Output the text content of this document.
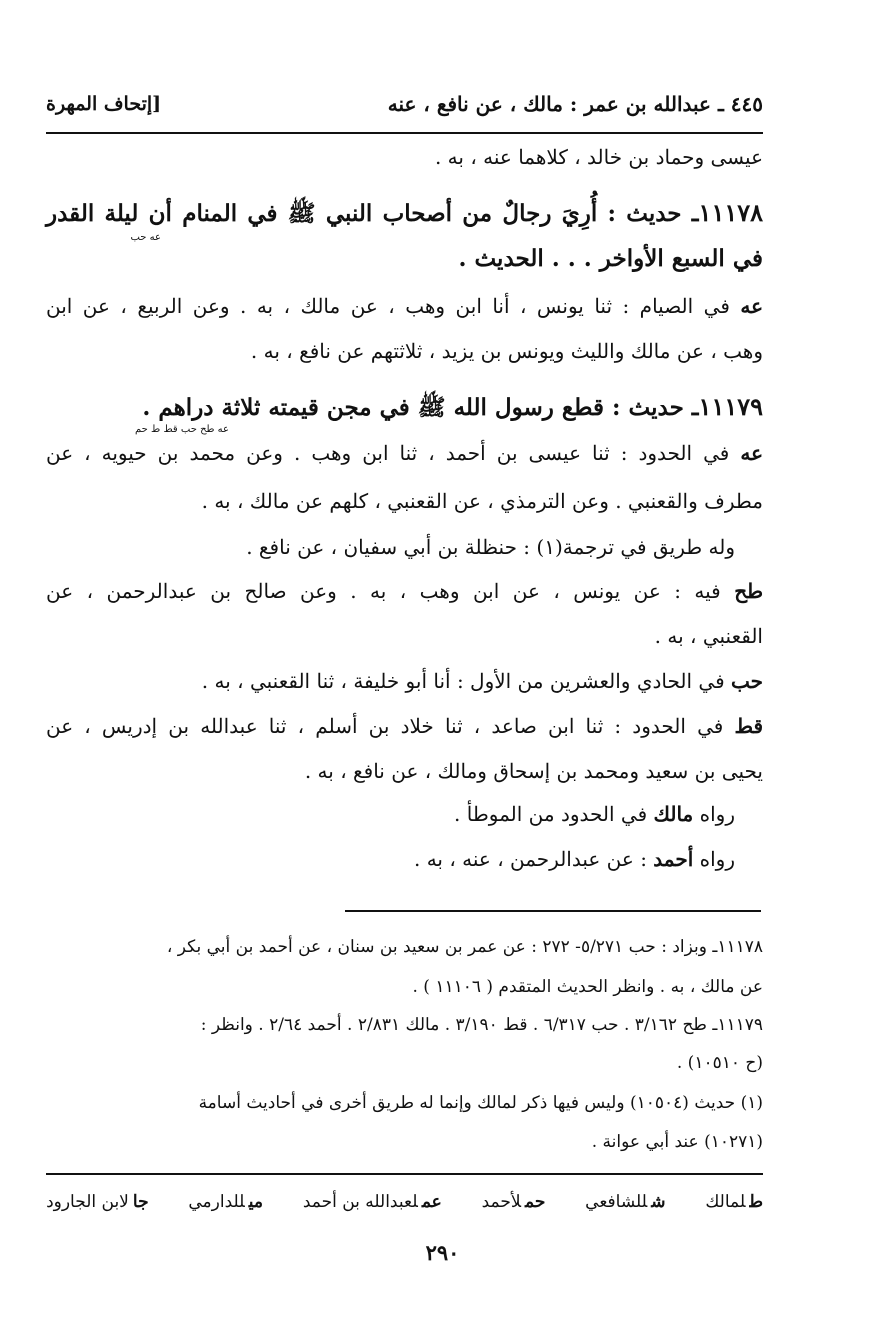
٤٤٥ ـ عبدالله بن عمر : مالك ، عن نافع ، عنه
[إتحاف المهرة
عيسى وحماد بن خالد ، كلاهما عنه ، به .
١١١٧٨ـ حديث : أُرِيَ رجالٌ من أصحاب النبي ﷺ في المنام أن ليلة القدر
عه حب
في السبع الأواخر . . . الحديث .
عه في الصيام : ثنا يونس ، أنا ابن وهب ، عن مالك ، به . وعن الربيع ، عن ابن
وهب ، عن مالك والليث ويونس بن يزيد ، ثلاثتهم عن نافع ، به .
١١١٧٩ـ حديث : قطع رسول الله ﷺ في مجن قيمته ثلاثة دراهم .
عه طح حب قط ط حم
عه في الحدود : ثنا عيسى بن أحمد ، ثنا ابن وهب . وعن محمد بن حيويه ، عن
مطرف والقعنبي . وعن الترمذي ، عن القعنبي ، كلهم عن مالك ، به .
وله طريق في ترجمة(١) : حنظلة بن أبي سفيان ، عن نافع .
طح فيه : عن يونس ، عن ابن وهب ، به . وعن صالح بن عبدالرحمن ، عن
القعنبي ، به .
حب في الحادي والعشرين من الأول : أنا أبو خليفة ، ثنا القعنبي ، به .
قط في الحدود : ثنا ابن صاعد ، ثنا خلاد بن أسلم ، ثنا عبدالله بن إدريس ، عن
يحيى بن سعيد ومحمد بن إسحاق ومالك ، عن نافع ، به .
رواه مالك في الحدود من الموطأ .
رواه أحمد : عن عبدالرحمن ، عنه ، به .
١١١٧٨ـ وبزاد : حب ٥/٢٧١- ٢٧٢ : عن عمر بن سعيد بن سنان ، عن أحمد بن أبي بكر ،
عن مالك ، به . وانظر الحديث المتقدم ( ١١١٠٦ ) .
١١١٧٩ـ طح ٣/١٦٢ . حب ٦/٣١٧ . قط ٣/١٩٠ . مالك ٢/٨٣١ . أحمد ٢/٦٤ . وانظر :
(ح ١٠٥١٠) .
(١) حديث (١٠٥٠٤) وليس فيها ذكر لمالك وإنما له طريق أخرى في أحاديث أسامة
(١٠٢٧١) عند أبي عوانة .
طلمالك
شللشافعي
حملأحمد
عملعبدالله بن أحمد
ميللدارمي
جالابن الجارود
٢٩٠
